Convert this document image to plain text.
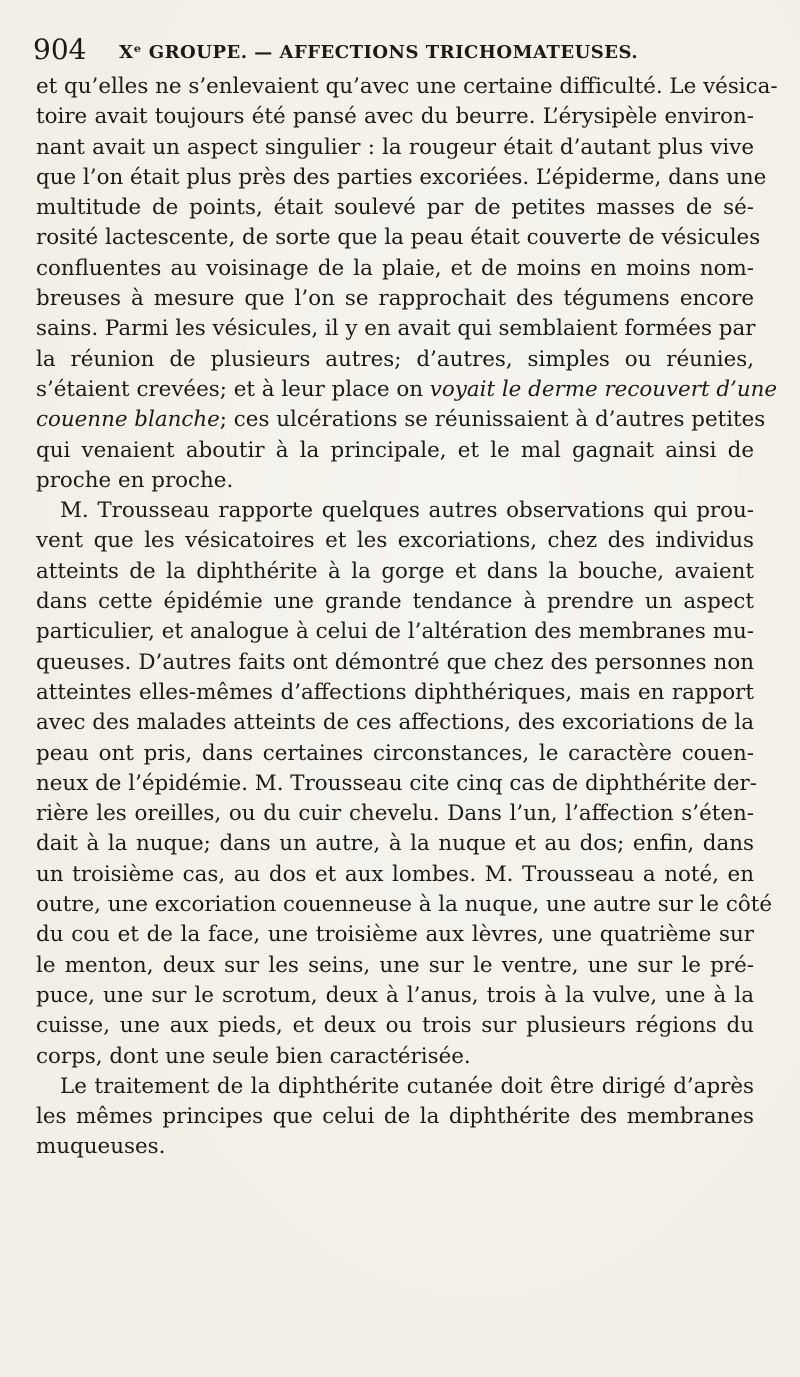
904 Xᵉ GROUPE. — AFFECTIONS TRICHOMATEUSES.
et qu’elles ne s’enlevaient qu’avec une certaine difficulté. Le vésica-
toire avait toujours été pansé avec du beurre. L’érysipèle environ-
nant avait un aspect singulier : la rougeur était d’autant plus vive
que l’on était plus près des parties excoriées. L’épiderme, dans une
multitude de points, était soulevé par de petites masses de sé-
rosité lactescente, de sorte que la peau était couverte de vésicules
confluentes au voisinage de la plaie, et de moins en moins nom-
breuses à mesure que l’on se rapprochait des tégumens encore
sains. Parmi les vésicules, il y en avait qui semblaient formées par
la réunion de plusieurs autres; d’autres, simples ou réunies,
s’étaient crevées; et à leur place on voyait le derme recouvert d’une
couenne blanche; ces ulcérations se réunissaient à d’autres petites
qui venaient aboutir à la principale, et le mal gagnait ainsi de
proche en proche.
M. Trousseau rapporte quelques autres observations qui prou-
vent que les vésicatoires et les excoriations, chez des individus
atteints de la diphthérite à la gorge et dans la bouche, avaient
dans cette épidémie une grande tendance à prendre un aspect
particulier, et analogue à celui de l’altération des membranes mu-
queuses. D’autres faits ont démontré que chez des personnes non
atteintes elles-mêmes d’affections diphthériques, mais en rapport
avec des malades atteints de ces affections, des excoriations de la
peau ont pris, dans certaines circonstances, le caractère couen-
neux de l’épidémie. M. Trousseau cite cinq cas de diphthérite der-
rière les oreilles, ou du cuir chevelu. Dans l’un, l’affection s’éten-
dait à la nuque; dans un autre, à la nuque et au dos; enfin, dans
un troisième cas, au dos et aux lombes. M. Trousseau a noté, en
outre, une excoriation couenneuse à la nuque, une autre sur le côté
du cou et de la face, une troisième aux lèvres, une quatrième sur
le menton, deux sur les seins, une sur le ventre, une sur le pré-
puce, une sur le scrotum, deux à l’anus, trois à la vulve, une à la
cuisse, une aux pieds, et deux ou trois sur plusieurs régions du
corps, dont une seule bien caractérisée.
Le traitement de la diphthérite cutanée doit être dirigé d’après
les mêmes principes que celui de la diphthérite des membranes
muqueuses.
